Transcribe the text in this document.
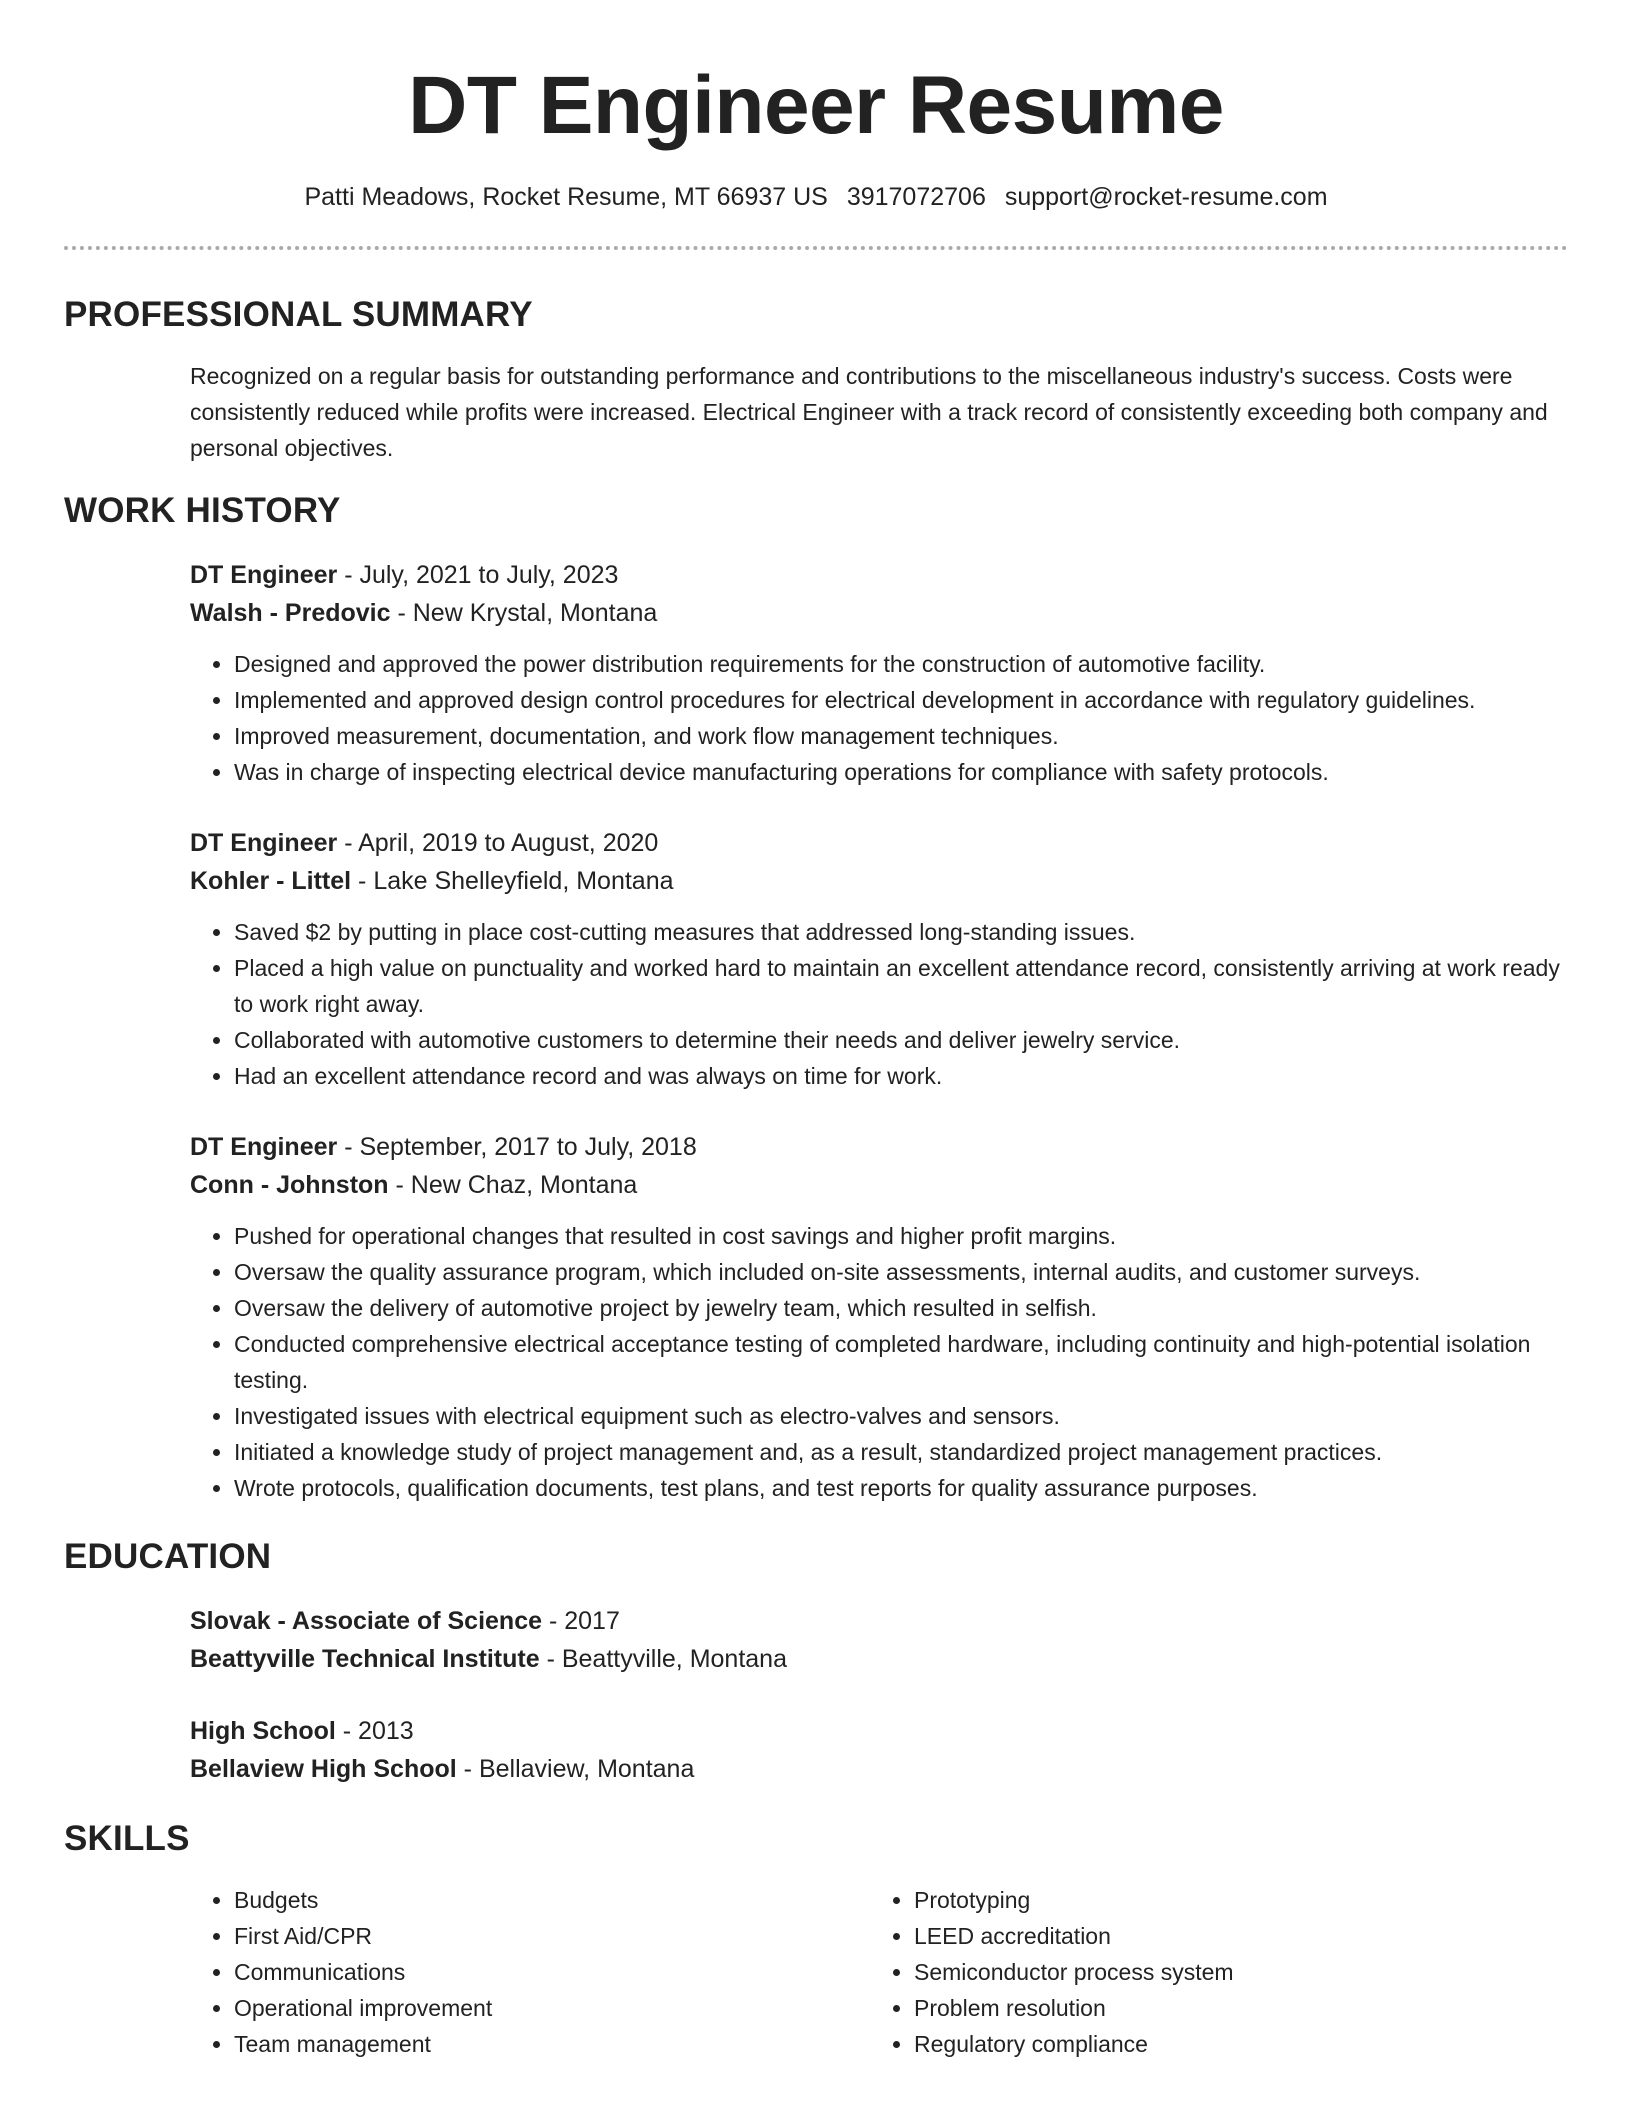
DT Engineer Resume
Patti Meadows, Rocket Resume, MT 66937 US 3917072706 support@rocket-resume.com
PROFESSIONAL SUMMARY
Recognized on a regular basis for outstanding performance and contributions to the miscellaneous industry's success. Costs were consistently reduced while profits were increased. Electrical Engineer with a track record of consistently exceeding both company and personal objectives.
WORK HISTORY
DT Engineer - July, 2021 to July, 2023
Walsh - Predovic - New Krystal, Montana
• Designed and approved the power distribution requirements for the construction of automotive facility.
• Implemented and approved design control procedures for electrical development in accordance with regulatory guidelines.
• Improved measurement, documentation, and work flow management techniques.
• Was in charge of inspecting electrical device manufacturing operations for compliance with safety protocols.
DT Engineer - April, 2019 to August, 2020
Kohler - Littel - Lake Shelleyfield, Montana
• Saved $2 by putting in place cost-cutting measures that addressed long-standing issues.
• Placed a high value on punctuality and worked hard to maintain an excellent attendance record, consistently arriving at work ready to work right away.
• Collaborated with automotive customers to determine their needs and deliver jewelry service.
• Had an excellent attendance record and was always on time for work.
DT Engineer - September, 2017 to July, 2018
Conn - Johnston - New Chaz, Montana
• Pushed for operational changes that resulted in cost savings and higher profit margins.
• Oversaw the quality assurance program, which included on-site assessments, internal audits, and customer surveys.
• Oversaw the delivery of automotive project by jewelry team, which resulted in selfish.
• Conducted comprehensive electrical acceptance testing of completed hardware, including continuity and high-potential isolation testing.
• Investigated issues with electrical equipment such as electro-valves and sensors.
• Initiated a knowledge study of project management and, as a result, standardized project management practices.
• Wrote protocols, qualification documents, test plans, and test reports for quality assurance purposes.
EDUCATION
Slovak - Associate of Science - 2017
Beattyville Technical Institute - Beattyville, Montana
High School - 2013
Bellaview High School - Bellaview, Montana
SKILLS
• Budgets
• First Aid/CPR
• Communications
• Operational improvement
• Team management
• Prototyping
• LEED accreditation
• Semiconductor process system
• Problem resolution
• Regulatory compliance
